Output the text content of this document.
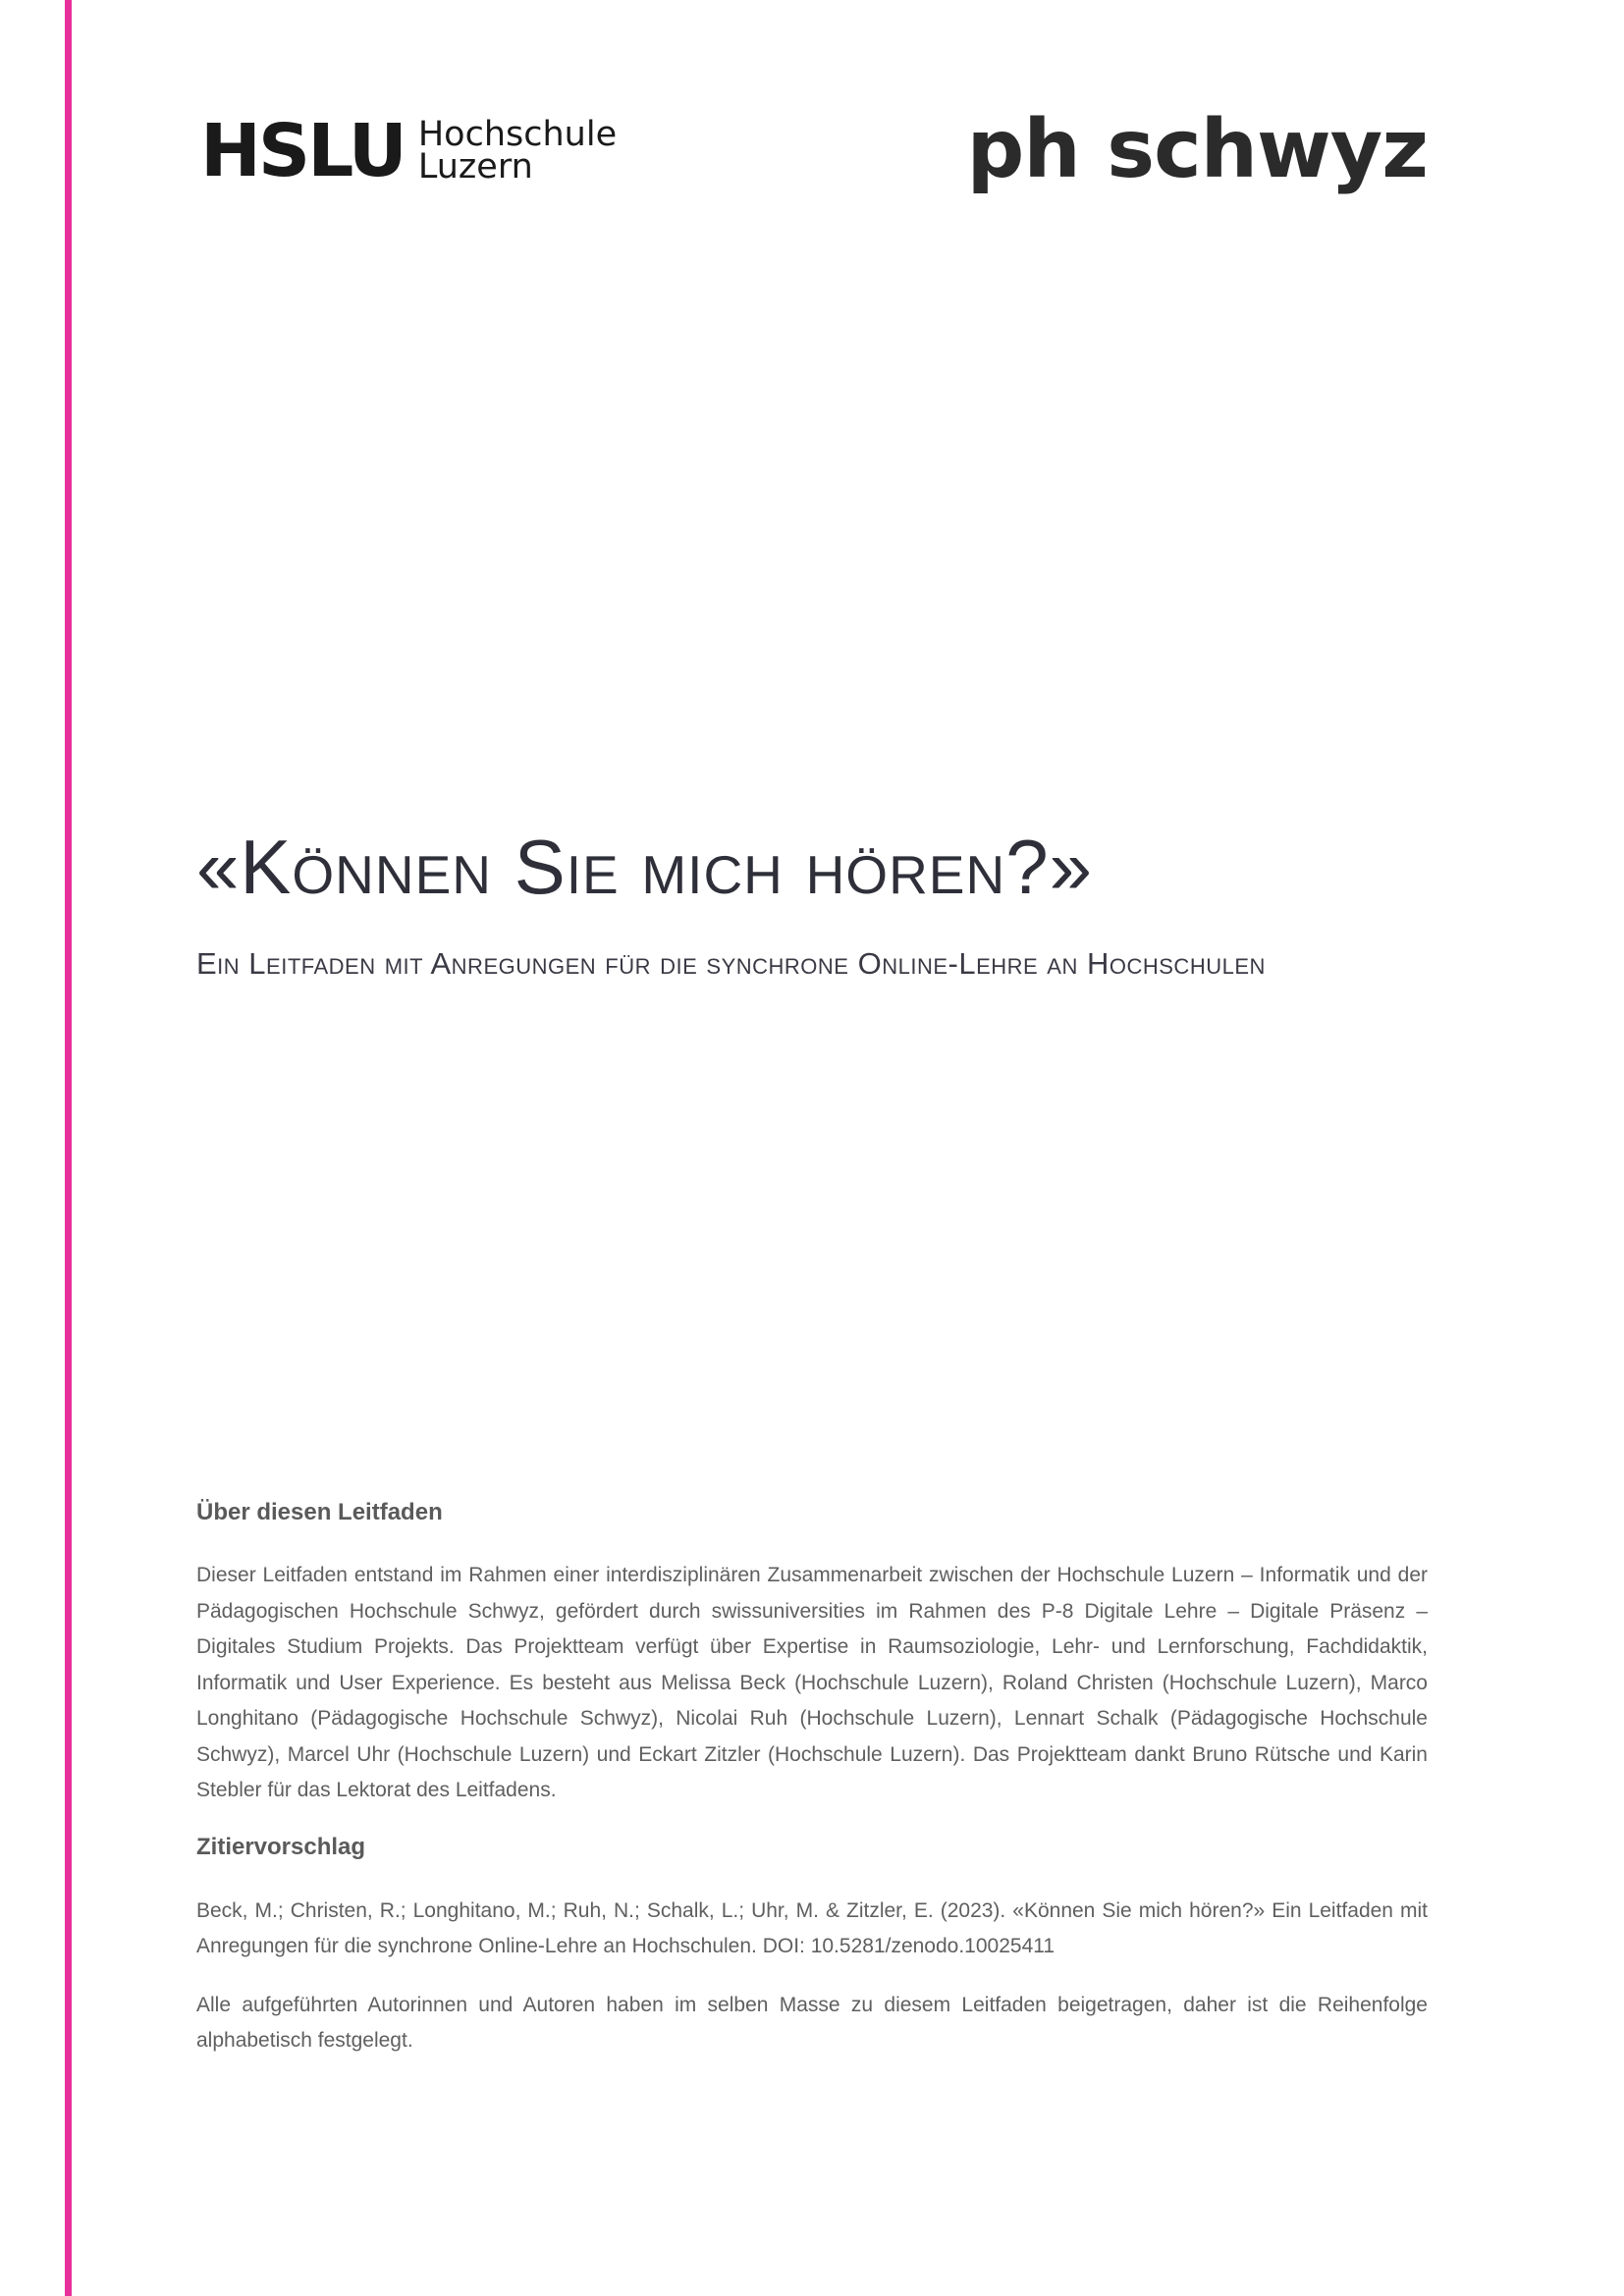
HSLU Hochschule
Luzern	ph schwyz
«Können Sie mich hören?»
Ein Leitfaden mit Anregungen für die synchrone Online-Lehre an Hochschulen
Über diesen Leitfaden

Dieser Leitfaden entstand im Rahmen einer interdisziplinären Zusammenarbeit zwischen der Hochschule Luzern – Informatik und der Pädagogischen Hochschule Schwyz, gefördert durch swissuniversities im Rahmen des P-8 Digitale Lehre – Digitale Präsenz – Digitales Studium Projekts. Das Projektteam verfügt über Expertise in Raumsoziologie, Lehr- und Lernforschung, Fachdidaktik, Informatik und User Experience. Es besteht aus Melissa Beck (Hochschule Luzern), Roland Christen (Hochschule Luzern), Marco Longhitano (Pädagogische Hochschule Schwyz), Nicolai Ruh (Hochschule Luzern), Lennart Schalk (Pädagogische Hochschule Schwyz), Marcel Uhr (Hochschule Luzern) und Eckart Zitzler (Hochschule Luzern). Das Projektteam dankt Bruno Rütsche und Karin Stebler für das Lektorat des Leitfadens.

Zitiervorschlag

Beck, M.; Christen, R.; Longhitano, M.; Ruh, N.; Schalk, L.; Uhr, M. & Zitzler, E. (2023). «Können Sie mich hören?» Ein Leitfaden mit Anregungen für die synchrone Online-Lehre an Hochschulen. DOI: 10.5281/zenodo.10025411

Alle aufgeführten Autorinnen und Autoren haben im selben Masse zu diesem Leitfaden beigetragen, daher ist die Reihenfolge alphabetisch festgelegt.
